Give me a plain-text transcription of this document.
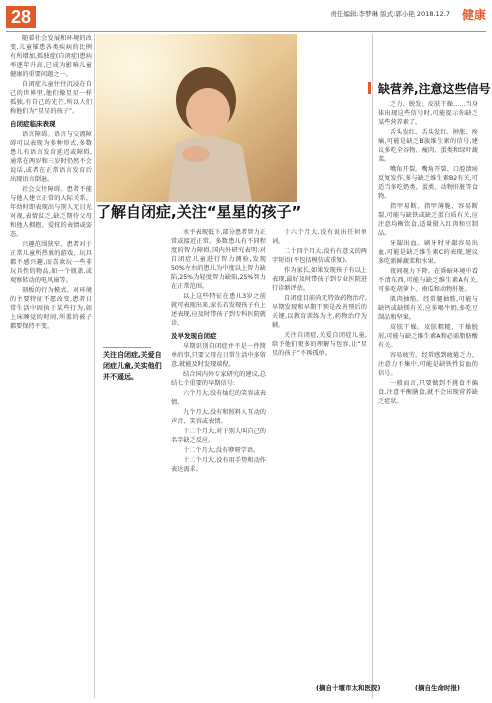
28	责任编辑:李梦琳 版式:郭小艳 2018.12.7 健康
了解自闭症,关注“星星的孩子”

随着社会发展和环境的改变,儿童罹患各类疾病的比例有所增加,孤独症(自闭症)患病率逐年升高,已成为影响儿童健康的重要问题之一。

自闭症儿童往往沉浸在自己的世界里,他们像星星一样孤独,有自己的光芒,所以人们称他们为“星星的孩子”。

自闭症临床表现

语言障碍。语言与交流障碍可以表现为多种形式,多数患儿有语言发育延迟或障碍,通常在两岁和三岁时仍然不会说话,或者在正常语言发育后出现语言倒退。

社会交往障碍。患者不能与他人建立正常的人际关系。年幼时即表现出与别人无目光对视,表情贫乏,缺乏期待父母和他人拥抱、爱抚的表情或姿态。

兴趣范围狭窄。患者对于正常儿童所热衷的游戏、玩具都不感兴趣,而喜欢玩一些非玩具性的物品,如一个瓶盖,或观察转动的电风扇等。

刻板的行为模式。对环境的主要特征不愿改变,患者日常生活中固执于某些行为,如上床睡觉的时间,所盖的被子都要保持不变。

关注自闭症,关爱自闭症儿童,关实他们并不遥远。

水平表现低下,部分患者智力正常或接近正常。多数患儿有不同程度的智力障碍,国内外研究表明:对自闭症儿童进行智力测验,发现50%左右的患儿为中度以上智力缺陷,25%为轻度智力缺陷,25%智力在正常范围。

以上这些特征在患儿3岁之前就可表现出来,家长若发现孩子有上述表现,应及时带孩子到专科医院就诊。

及早发现自闭症

早期识别自闭症并不是一件简单的事,只要父母在日常生活中多留意,就能及时发现端倪。

结合国内外专家研究的建议,总结七个重要的早期信号:

六个月大,没有灿烂的笑容或表情。

九个月大,没有和照料人互动的声音、笑容或表情。

十二个月大,对于别人叫自己的名字缺乏反应。

十二个月大,没有咿呀学语。

十二个月大,没有用手势和动作表达需求。

十六个月大,没有说出任何单词。

二十四个月大,没有有意义的两字短语(不包括模仿或重复)。

作为家长,如果发现孩子有以上表现,最好及时带孩子到专业医院进行诊断评估。

自闭症目前尚无特效药物治疗,早期发现和早期干预是改善预后的关键,以教育训练为主,药物治疗为辅。

关注自闭症,关爱自闭症儿童,给予他们更多的理解与包容,让“星星的孩子”不再孤单。

(摘自十堰市太和医院)
缺营养,注意这些信号

乏力、脱发、皮肤干燥……当身体出现这些信号时,可能提示你缺乏某些营养素了。

舌头发红。舌头发红、肿胀、疼痛,可能是缺乏B族维生素的信号,建议多吃全谷物、瘦肉、蛋类和绿叶蔬菜。

嘴角开裂。嘴角开裂、口腔溃疡反复发作,多与缺乏维生素B2有关,可适当多吃奶类、蛋类、动物肝脏等食物。

指甲易断。指甲薄脆、容易断裂,可能与缺铁或缺乏蛋白质有关,应注意均衡饮食,适量摄入红肉和豆制品。

牙龈出血。刷牙时牙龈容易出血,可能是缺乏维生素C的表现,建议多吃新鲜蔬菜和水果。

夜间视力下降。在昏暗环境中看不清东西,可能与缺乏维生素A有关,可多吃胡萝卜、南瓜和动物肝脏。

肌肉抽筋。经常腿抽筋,可能与缺钙或缺镁有关,应多喝牛奶,多吃豆制品和坚果。

皮肤干燥。皮肤粗糙、干燥脱屑,可能与缺乏维生素A和必需脂肪酸有关。

容易疲劳。经常感到疲倦乏力、注意力不集中,可能是缺铁性贫血的信号。

一般而言,只要做到不挑食不偏食,注意平衡膳食,就不会出现营养缺乏症状。

(摘自生命时报)
